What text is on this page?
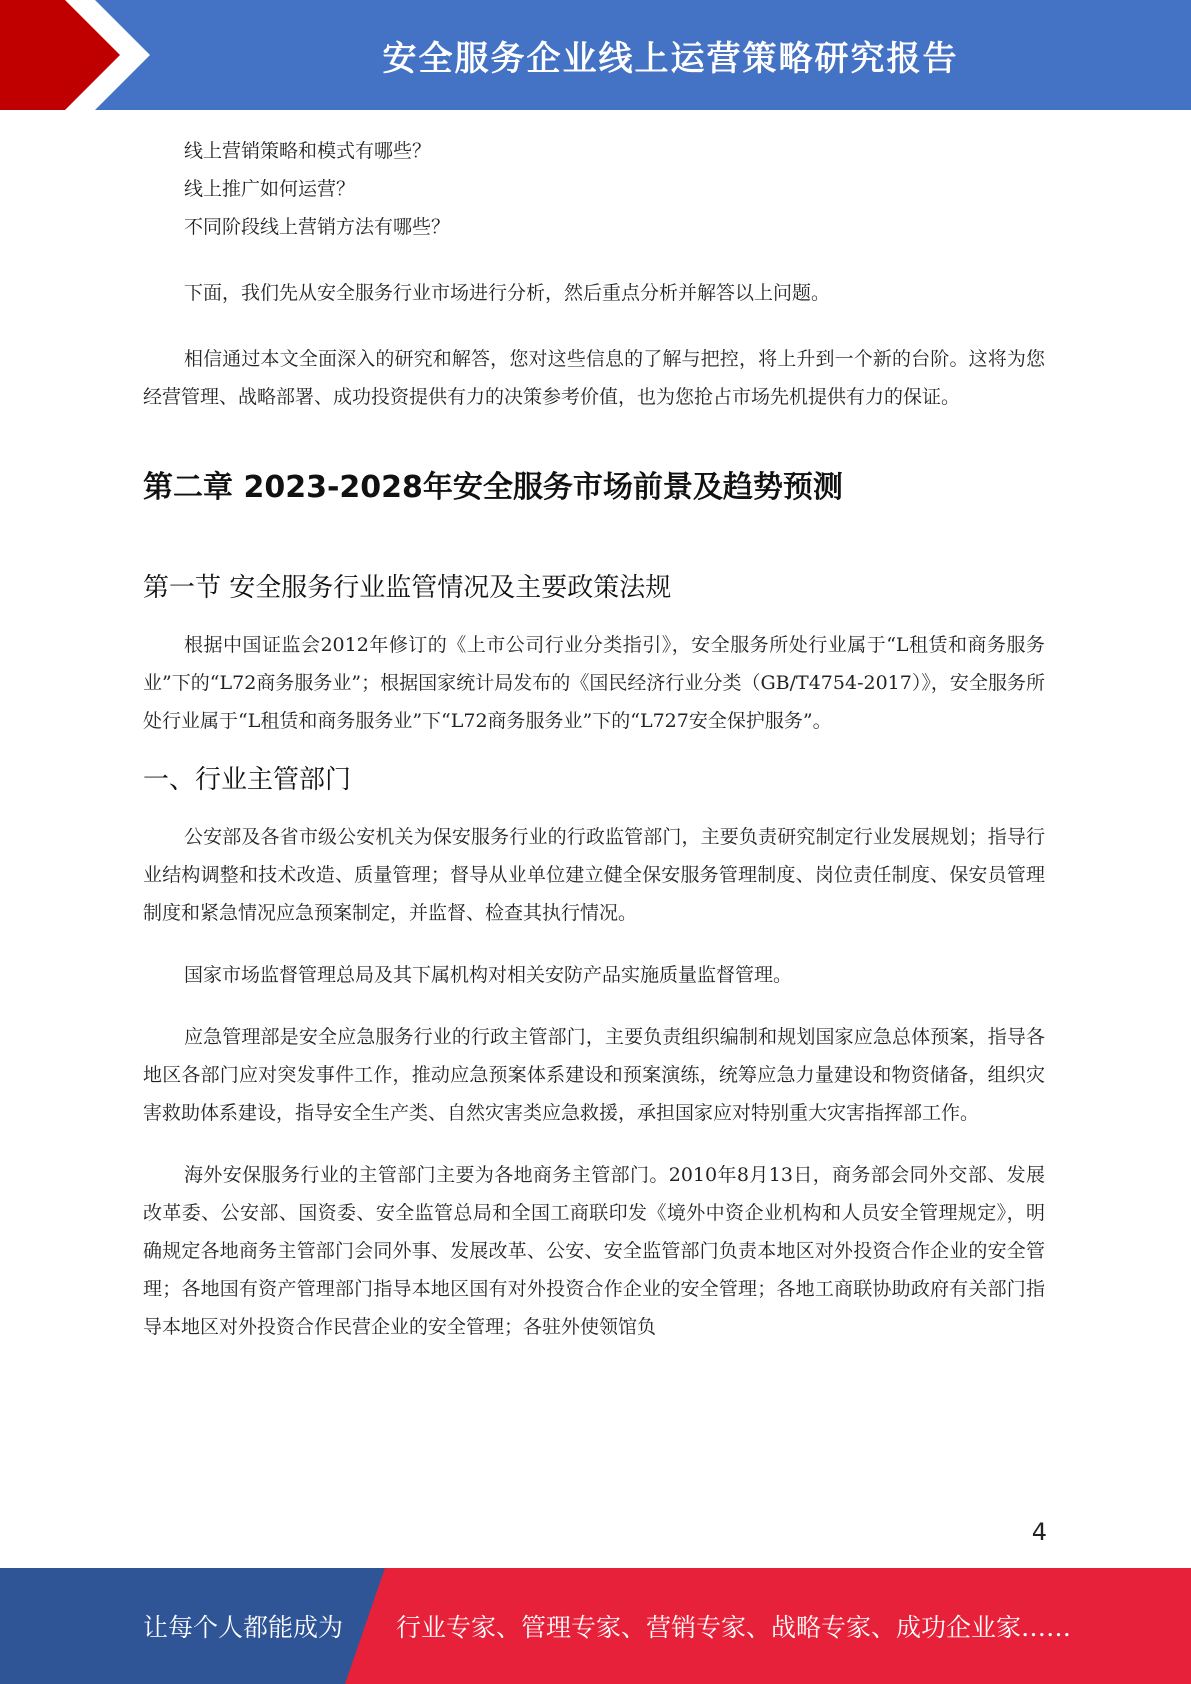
安全服务企业线上运营策略研究报告

线上营销策略和模式有哪些？

线上推广如何运营？

不同阶段线上营销方法有哪些？

下面，我们先从安全服务行业市场进行分析，然后重点分析并解答以上问题。

相信通过本文全面深入的研究和解答，您对这些信息的了解与把控，将上升到一个新的台阶。这将为您经营管理、战略部署、成功投资提供有力的决策参考价值，也为您抢占市场先机提供有力的保证。

第二章 2023-2028年安全服务市场前景及趋势预测
第一节 安全服务行业监管情况及主要政策法规

根据中国证监会2012年修订的《上市公司行业分类指引》，安全服务所处行业属于“L租赁和商务服务业”下的“L72商务服务业”；根据国家统计局发布的《国民经济行业分类（GB/T4754-2017）》，安全服务所处行业属于“L租赁和商务服务业”下“L72商务服务业”下的“L727安全保护服务”。

一、行业主管部门

公安部及各省市级公安机关为保安服务行业的行政监管部门，主要负责研究制定行业发展规划；指导行业结构调整和技术改造、质量管理；督导从业单位建立健全保安服务管理制度、岗位责任制度、保安员管理制度和紧急情况应急预案制定，并监督、检查其执行情况。

国家市场监督管理总局及其下属机构对相关安防产品实施质量监督管理。

应急管理部是安全应急服务行业的行政主管部门，主要负责组织编制和规划国家应急总体预案，指导各地区各部门应对突发事件工作，推动应急预案体系建设和预案演练，统筹应急力量建设和物资储备，组织灾害救助体系建设，指导安全生产类、自然灾害类应急救援，承担国家应对特别重大灾害指挥部工作。

海外安保服务行业的主管部门主要为各地商务主管部门。2010年8月13日，商务部会同外交部、发展改革委、公安部、国资委、安全监管总局和全国工商联印发《境外中资企业机构和人员安全管理规定》，明确规定各地商务主管部门会同外事、发展改革、公安、安全监管部门负责本地区对外投资合作企业的安全管理；各地国有资产管理部门指导本地区国有对外投资合作企业的安全管理；各地工商联协助政府有关部门指导本地区对外投资合作民营企业的安全管理；各驻外使领馆负

4
让每个人都能成为 行业专家、管理专家、营销专家、战略专家、成功企业家……
